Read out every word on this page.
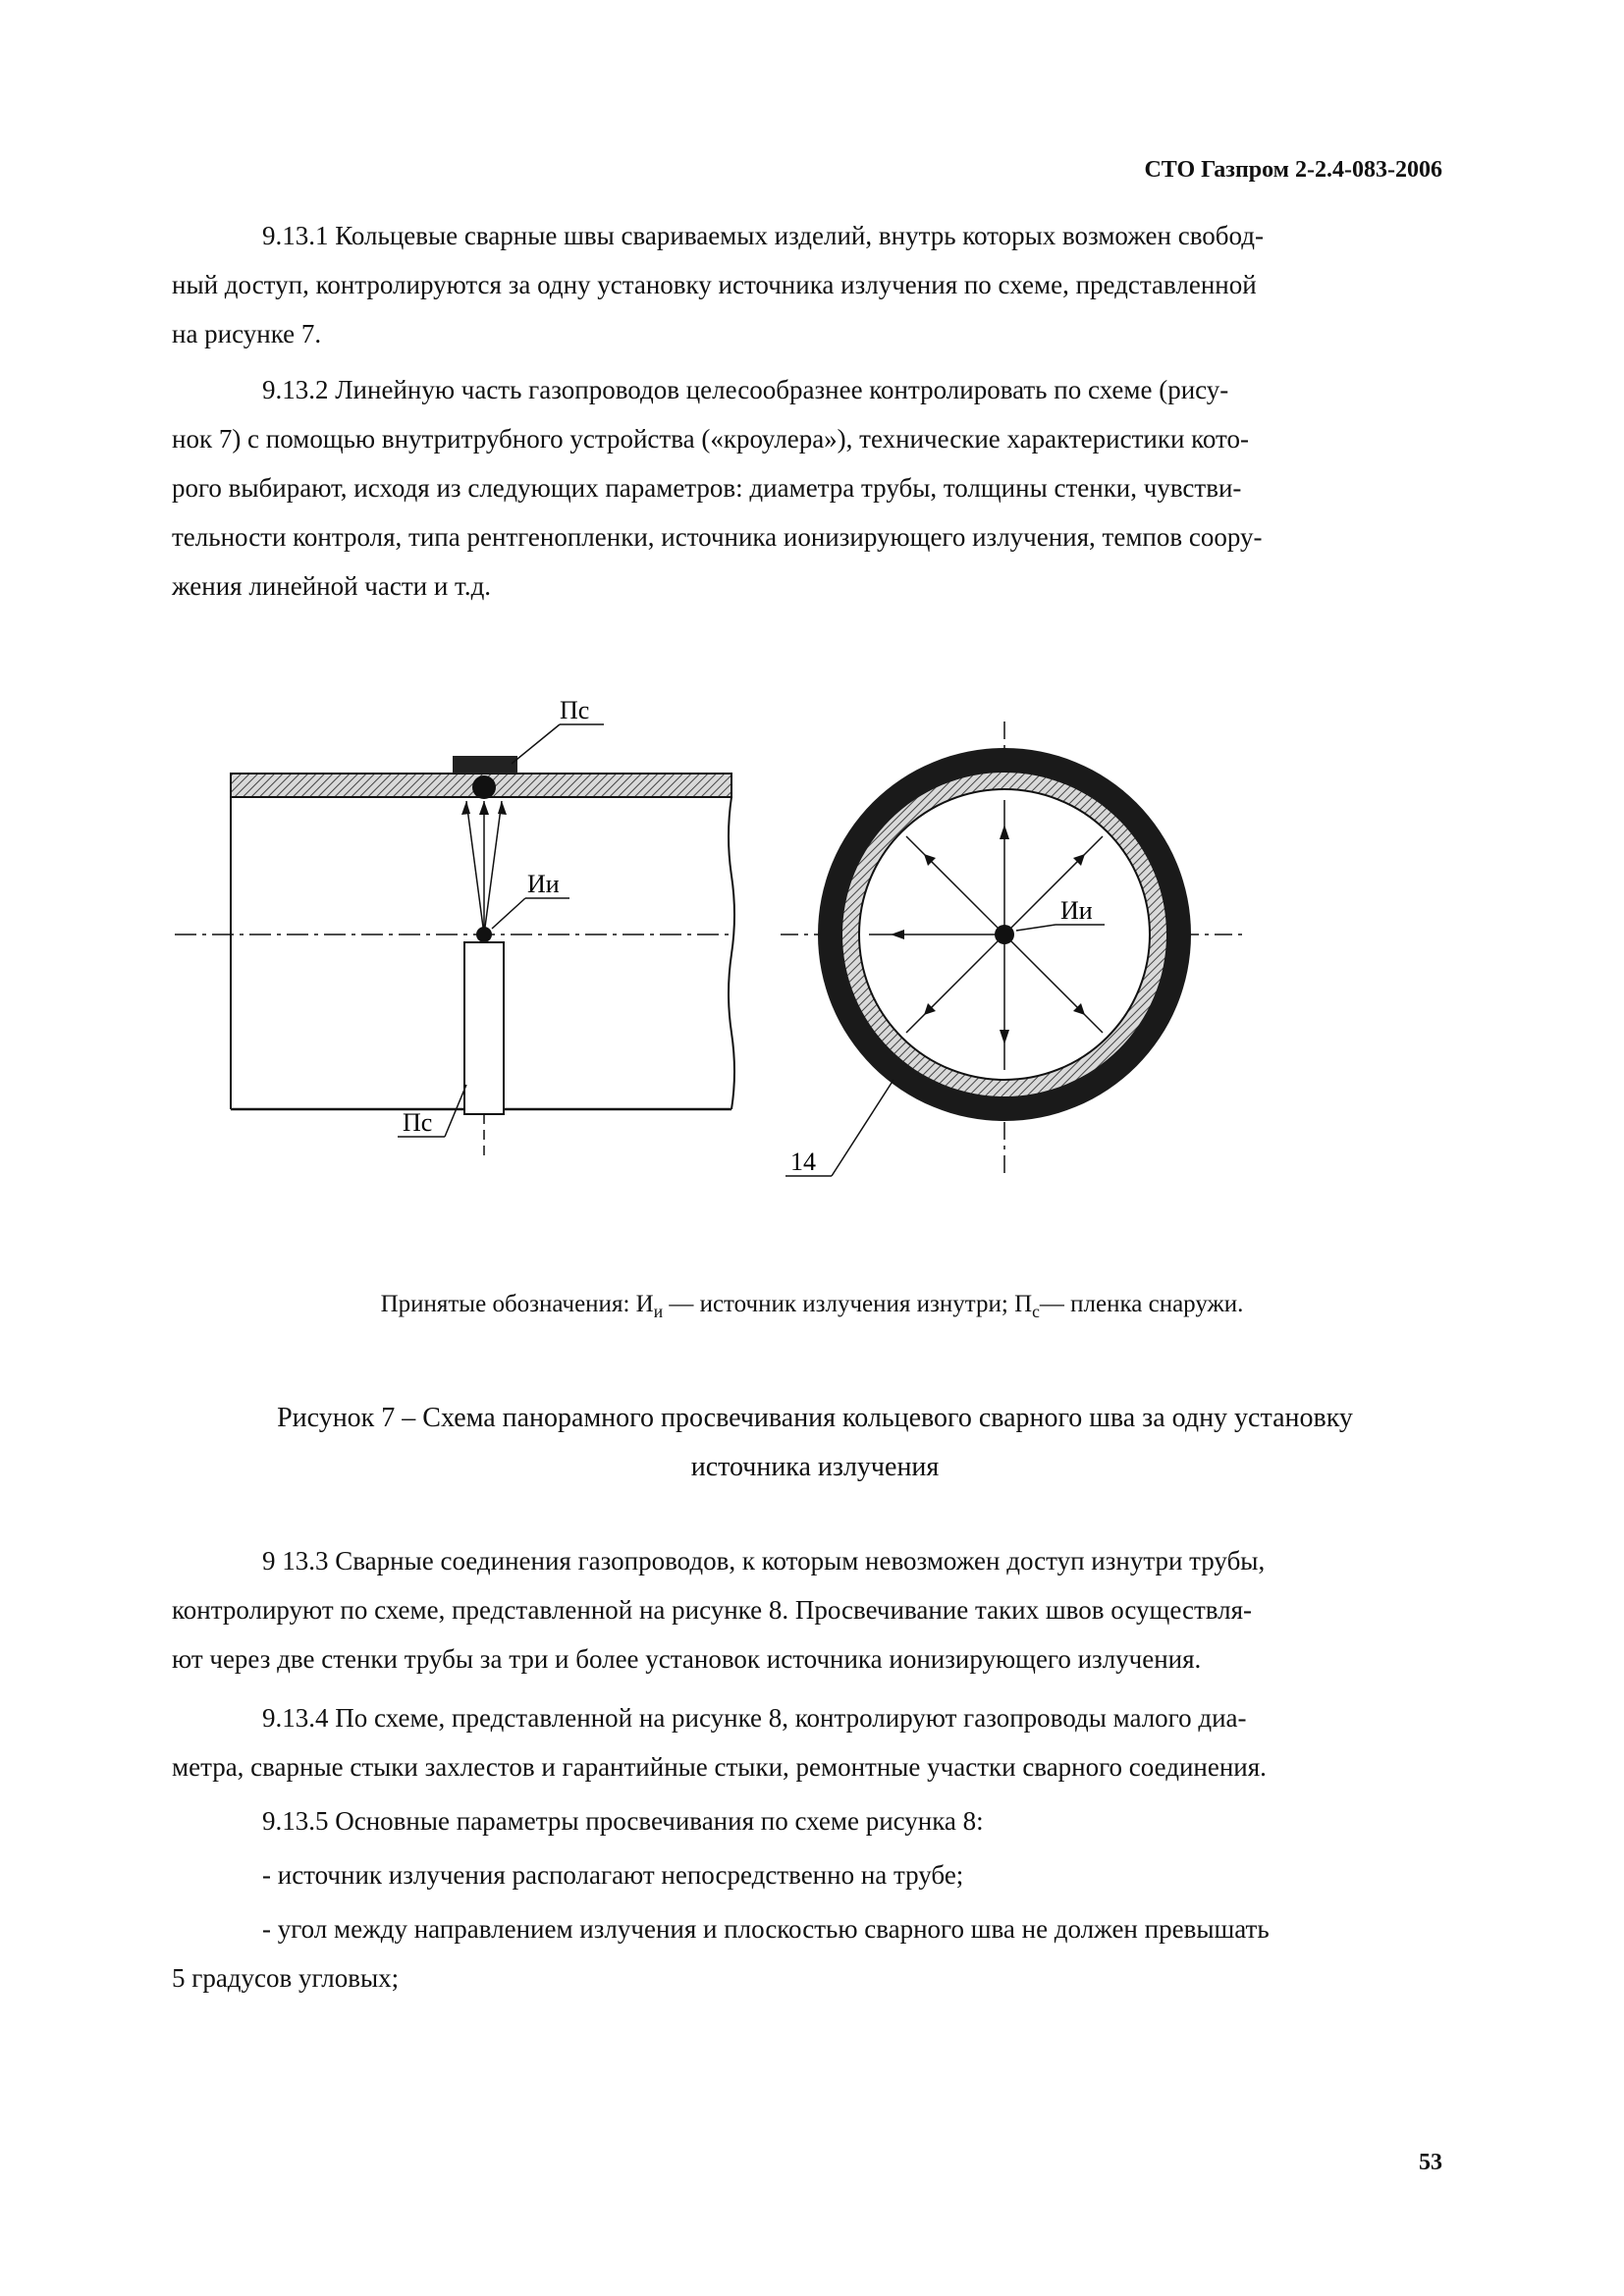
СТО Газпром 2-2.4-083-2006

9.13.1 Кольцевые сварные швы свариваемых изделий, внутрь которых возможен свобод-
ный доступ, контролируются за одну установку источника излучения по схеме, представленной
на рисунке 7.

9.13.2 Линейную часть газопроводов целесообразнее контролировать по схеме (рису-
нок 7) с помощью внутритрубного устройства («кроулера»), технические характеристики кото-
рого выбирают, исходя из следующих параметров: диаметра трубы, толщины стенки, чувстви-
тельности контроля, типа рентгенопленки, источника ионизирующего излучения, темпов соору-
жения линейной части и т.д.

Пс
Ии
Пс
Ии
14
Принятые обозначения: $И_и$ — источник излучения изнутри; $П_с—$ пленка снаружи.
Рисунок 7 – Схема панорамного просвечивания кольцевого сварного шва за одну установку
источника излучения

9 13.3 Сварные соединения газопроводов, к которым невозможен доступ изнутри трубы,
контролируют по схеме, представленной на рисунке 8. Просвечивание таких швов осуществля-
ют через две стенки трубы за три и более установок источника ионизирующего излучения.

9.13.4 По схеме, представленной на рисунке 8, контролируют газопроводы малого диа-
метра, сварные стыки захлестов и гарантийные стыки, ремонтные участки сварного соединения.

9.13.5 Основные параметры просвечивания по схеме рисунка 8:

- источник излучения располагают непосредственно на трубе;

- угол между направлением излучения и плоскостью сварного шва не должен превышать
5 градусов угловых;

53
